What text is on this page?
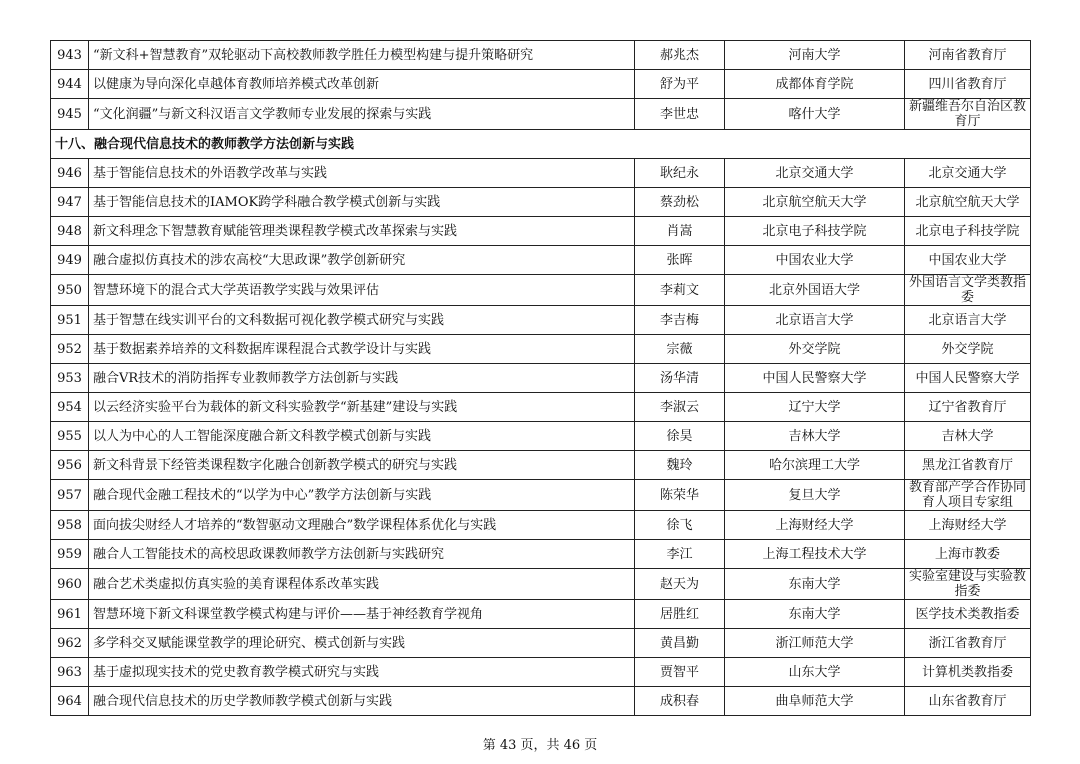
943	“新文科+智慧教育”双轮驱动下高校教师教学胜任力模型构建与提升策略研究	郝兆杰	河南大学	河南省教育厅
944	以健康为导向深化卓越体育教师培养模式改革创新	舒为平	成都体育学院	四川省教育厅
945	“文化润疆”与新文科汉语言文学教师专业发展的探索与实践	李世忠	喀什大学	新疆维吾尔自治区教育厅
十八、融合现代信息技术的教师教学方法创新与实践				
946	基于智能信息技术的外语教学改革与实践	耿纪永	北京交通大学	北京交通大学
947	基于智能信息技术的IAMOK跨学科融合教学模式创新与实践	蔡劲松	北京航空航天大学	北京航空航天大学
948	新文科理念下智慧教育赋能管理类课程教学模式改革探索与实践	肖嵩	北京电子科技学院	北京电子科技学院
949	融合虚拟仿真技术的涉农高校“大思政课”教学创新研究	张晖	中国农业大学	中国农业大学
950	智慧环境下的混合式大学英语教学实践与效果评估	李莉文	北京外国语大学	外国语言文学类教指委
951	基于智慧在线实训平台的文科数据可视化教学模式研究与实践	李吉梅	北京语言大学	北京语言大学
952	基于数据素养培养的文科数据库课程混合式教学设计与实践	宗薇	外交学院	外交学院
953	融合VR技术的消防指挥专业教师教学方法创新与实践	汤华清	中国人民警察大学	中国人民警察大学
954	以云经济实验平台为载体的新文科实验教学“新基建”建设与实践	李淑云	辽宁大学	辽宁省教育厅
955	以人为中心的人工智能深度融合新文科教学模式创新与实践	徐昊	吉林大学	吉林大学
956	新文科背景下经管类课程数字化融合创新教学模式的研究与实践	魏玲	哈尔滨理工大学	黑龙江省教育厅
957	融合现代金融工程技术的“以学为中心”教学方法创新与实践	陈荣华	复旦大学	教育部产学合作协同育人项目专家组
958	面向拔尖财经人才培养的“数智驱动文理融合”数学课程体系优化与实践	徐飞	上海财经大学	上海财经大学
959	融合人工智能技术的高校思政课教师教学方法创新与实践研究	李江	上海工程技术大学	上海市教委
960	融合艺术类虚拟仿真实验的美育课程体系改革实践	赵天为	东南大学	实验室建设与实验教指委
961	智慧环境下新文科课堂教学模式构建与评价——基于神经教育学视角	居胜红	东南大学	医学技术类教指委
962	多学科交叉赋能课堂教学的理论研究、模式创新与实践	黄昌勤	浙江师范大学	浙江省教育厅
963	基于虚拟现实技术的党史教育教学模式研究与实践	贾智平	山东大学	计算机类教指委
964	融合现代信息技术的历史学教师教学模式创新与实践	成积春	曲阜师范大学	山东省教育厅
第 43 页，共 46 页
